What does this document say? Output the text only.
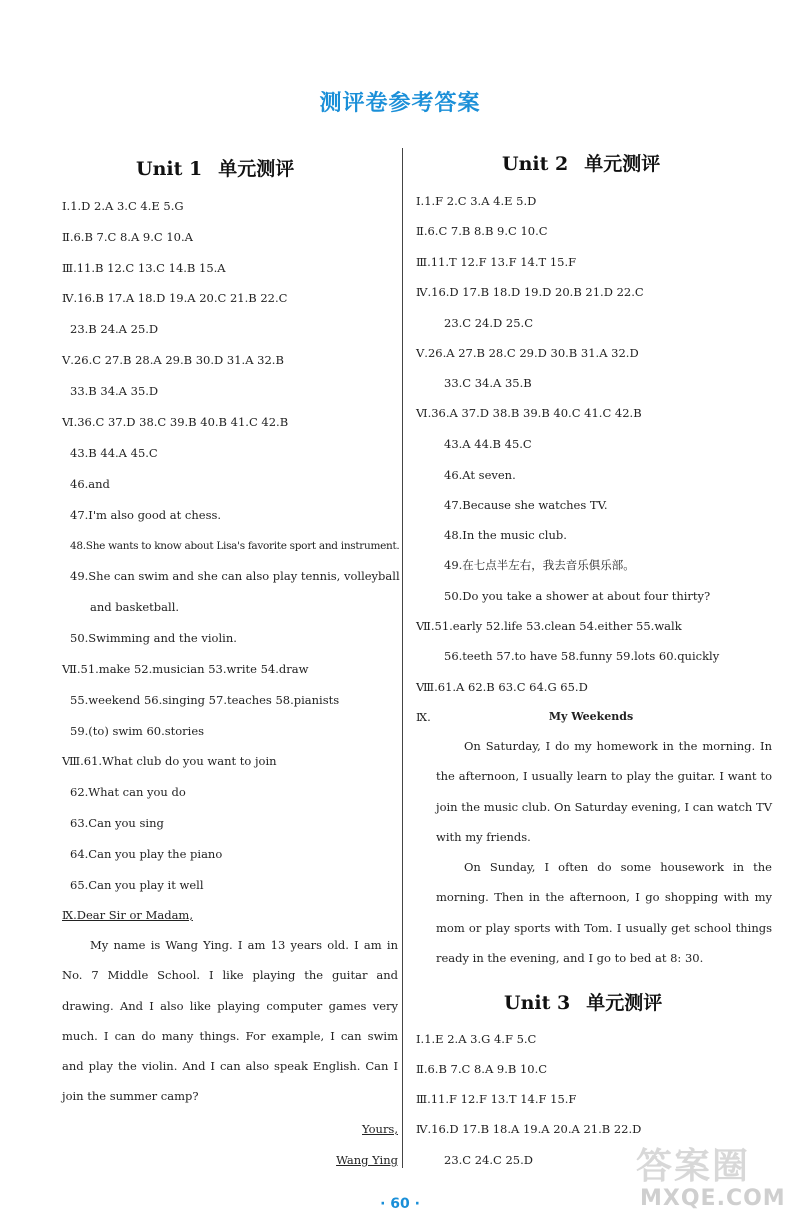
测评卷参考答案
Unit 1 单元测评
Ⅰ.1.D 2.A 3.C 4.E 5.G
Ⅱ.6.B 7.C 8.A 9.C 10.A
Ⅲ.11.B 12.C 13.C 14.B 15.A
Ⅳ.16.B 17.A 18.D 19.A 20.C 21.B 22.C
23.B 24.A 25.D
Ⅴ.26.C 27.B 28.A 29.B 30.D 31.A 32.B
33.B 34.A 35.D
Ⅵ.36.C 37.D 38.C 39.B 40.B 41.C 42.B
43.B 44.A 45.C
46.and
47.I'm also good at chess.
48.She wants to know about Lisa's favorite sport and instrument.
49.She can swim and she can also play tennis, volleyball
and basketball.
50.Swimming and the violin.
Ⅶ.51.make 52.musician 53.write 54.draw
55.weekend 56.singing 57.teaches 58.pianists
59.(to) swim 60.stories
Ⅷ.61.What club do you want to join
62.What can you do
63.Can you sing
64.Can you play the piano
65.Can you play it well
Ⅸ.Dear Sir or Madam,

My name is Wang Ying. I am 13 years old. I am in No. 7 Middle School. I like playing the guitar and drawing. And I also like playing computer games very much. I can do many things. For example, I can swim and play the violin. And I can also speak English. Can I join the summer camp?

Yours,
Wang Ying
Unit 2 单元测评
Ⅰ.1.F 2.C 3.A 4.E 5.D
Ⅱ.6.C 7.B 8.B 9.C 10.C
Ⅲ.11.T 12.F 13.F 14.T 15.F
Ⅳ.16.D 17.B 18.D 19.D 20.B 21.D 22.C
23.C 24.D 25.C
Ⅴ.26.A 27.B 28.C 29.D 30.B 31.A 32.D
33.C 34.A 35.B
Ⅵ.36.A 37.D 38.B 39.B 40.C 41.C 42.B
43.A 44.B 45.C
46.At seven.
47.Because she watches TV.
48.In the music club.
49.在七点半左右，我去音乐俱乐部。
50.Do you take a shower at about four thirty?
Ⅶ.51.early 52.life 53.clean 54.either 55.walk
56.teeth 57.to have 58.funny 59.lots 60.quickly
Ⅷ.61.A 62.B 63.C 64.G 65.D
Ⅸ.	My Weekends

On Saturday, I do my homework in the morning. In the afternoon, I usually learn to play the guitar. I want to join the music club. On Saturday evening, I can watch TV with my friends.

On Sunday, I often do some housework in the morning. Then in the afternoon, I go shopping with my mom or play sports with Tom. I usually get school things ready in the evening, and I go to bed at 8: 30.

Unit 3 单元测评
Ⅰ.1.E 2.A 3.G 4.F 5.C
Ⅱ.6.B 7.C 8.A 9.B 10.C
Ⅲ.11.F 12.F 13.T 14.F 15.F
Ⅳ.16.D 17.B 18.A 19.A 20.A 21.B 22.D
23.C 24.C 25.D	答案圈
MXQE.COM
· 60 ·
